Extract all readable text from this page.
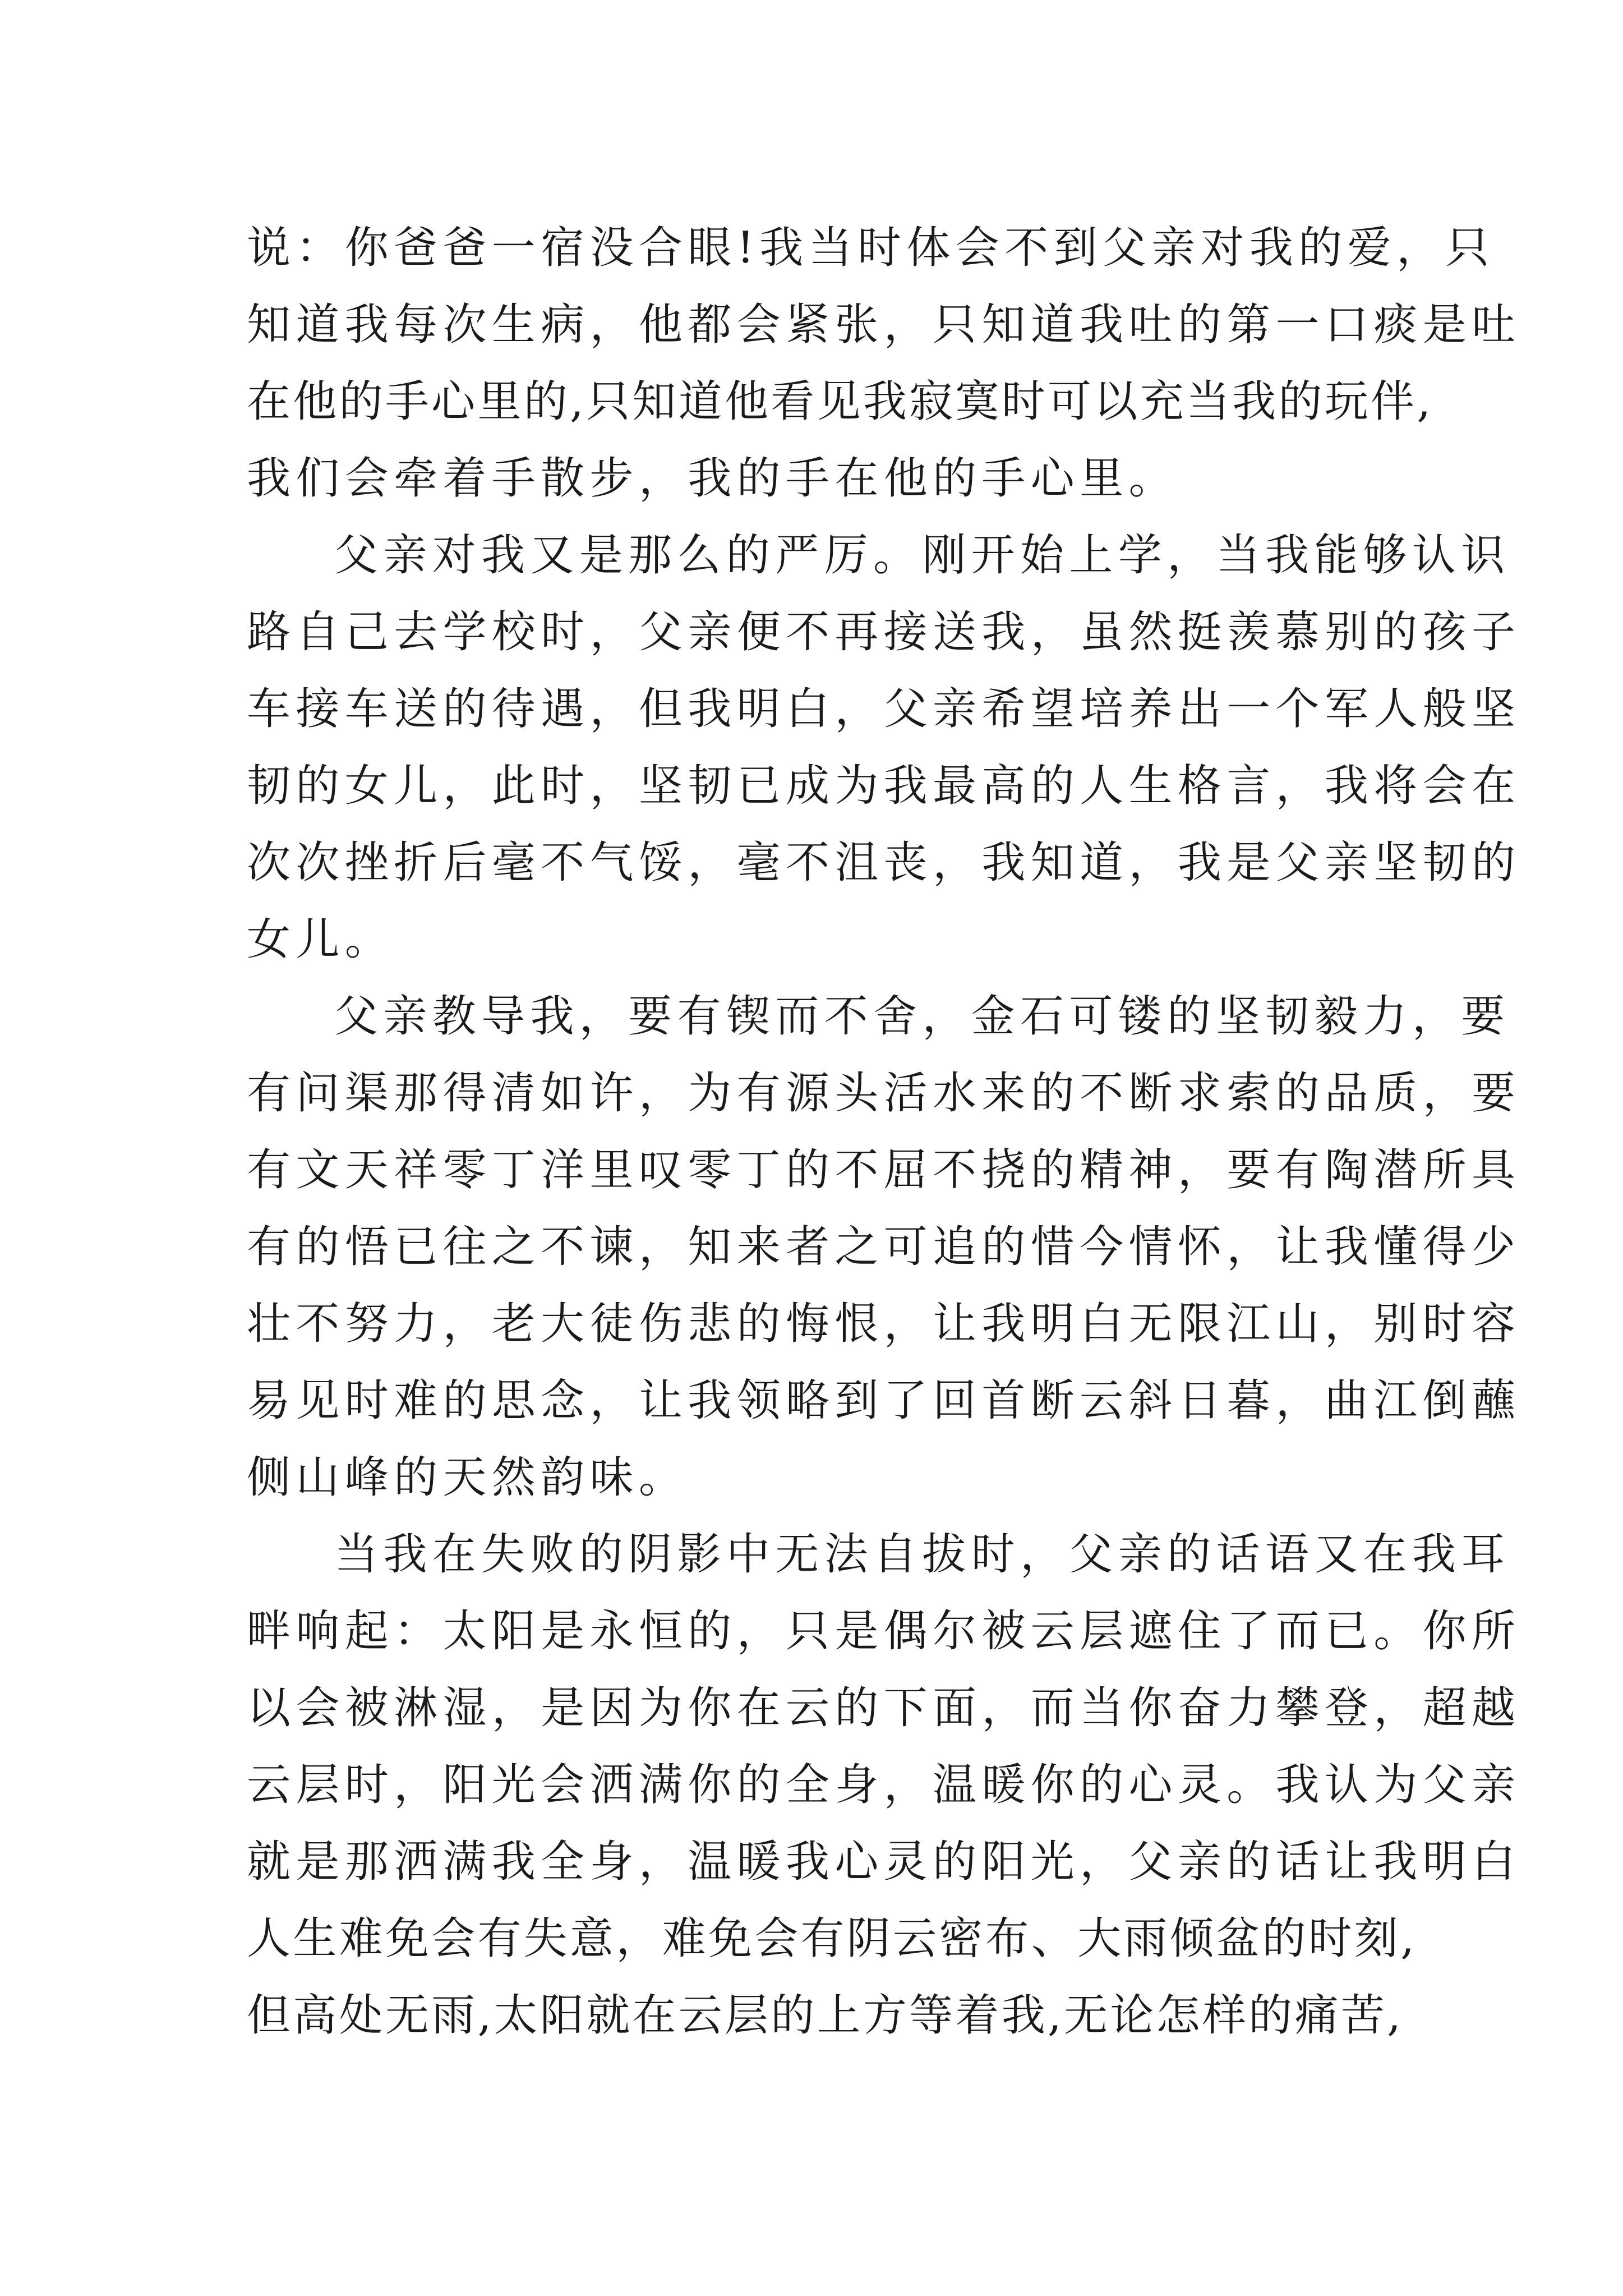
说：你爸爸一宿没合眼!我当时体会不到父亲对我的爱，只
知道我每次生病，他都会紧张，只知道我吐的第一口痰是吐
在他的手心里的,只知道他看见我寂寞时可以充当我的玩伴,
我们会牵着手散步，我的手在他的手心里。
父亲对我又是那么的严厉。刚开始上学，当我能够认识
路自己去学校时，父亲便不再接送我，虽然挺羡慕别的孩子
车接车送的待遇，但我明白，父亲希望培养出一个军人般坚
韧的女儿，此时，坚韧已成为我最高的人生格言，我将会在
次次挫折后毫不气馁，毫不沮丧，我知道，我是父亲坚韧的
女儿。
父亲教导我，要有锲而不舍，金石可镂的坚韧毅力，要
有问渠那得清如许，为有源头活水来的不断求索的品质，要
有文天祥零丁洋里叹零丁的不屈不挠的精神，要有陶潜所具
有的悟已往之不谏，知来者之可追的惜今情怀，让我懂得少
壮不努力，老大徒伤悲的悔恨，让我明白无限江山，别时容
易见时难的思念，让我领略到了回首断云斜日暮，曲江倒蘸
侧山峰的天然韵味。
当我在失败的阴影中无法自拔时，父亲的话语又在我耳
畔响起：太阳是永恒的，只是偶尔被云层遮住了而已。你所
以会被淋湿，是因为你在云的下面，而当你奋力攀登，超越
云层时，阳光会洒满你的全身，温暖你的心灵。我认为父亲
就是那洒满我全身，温暖我心灵的阳光，父亲的话让我明白
人生难免会有失意，难免会有阴云密布、大雨倾盆的时刻,
但高处无雨,太阳就在云层的上方等着我,无论怎样的痛苦,
